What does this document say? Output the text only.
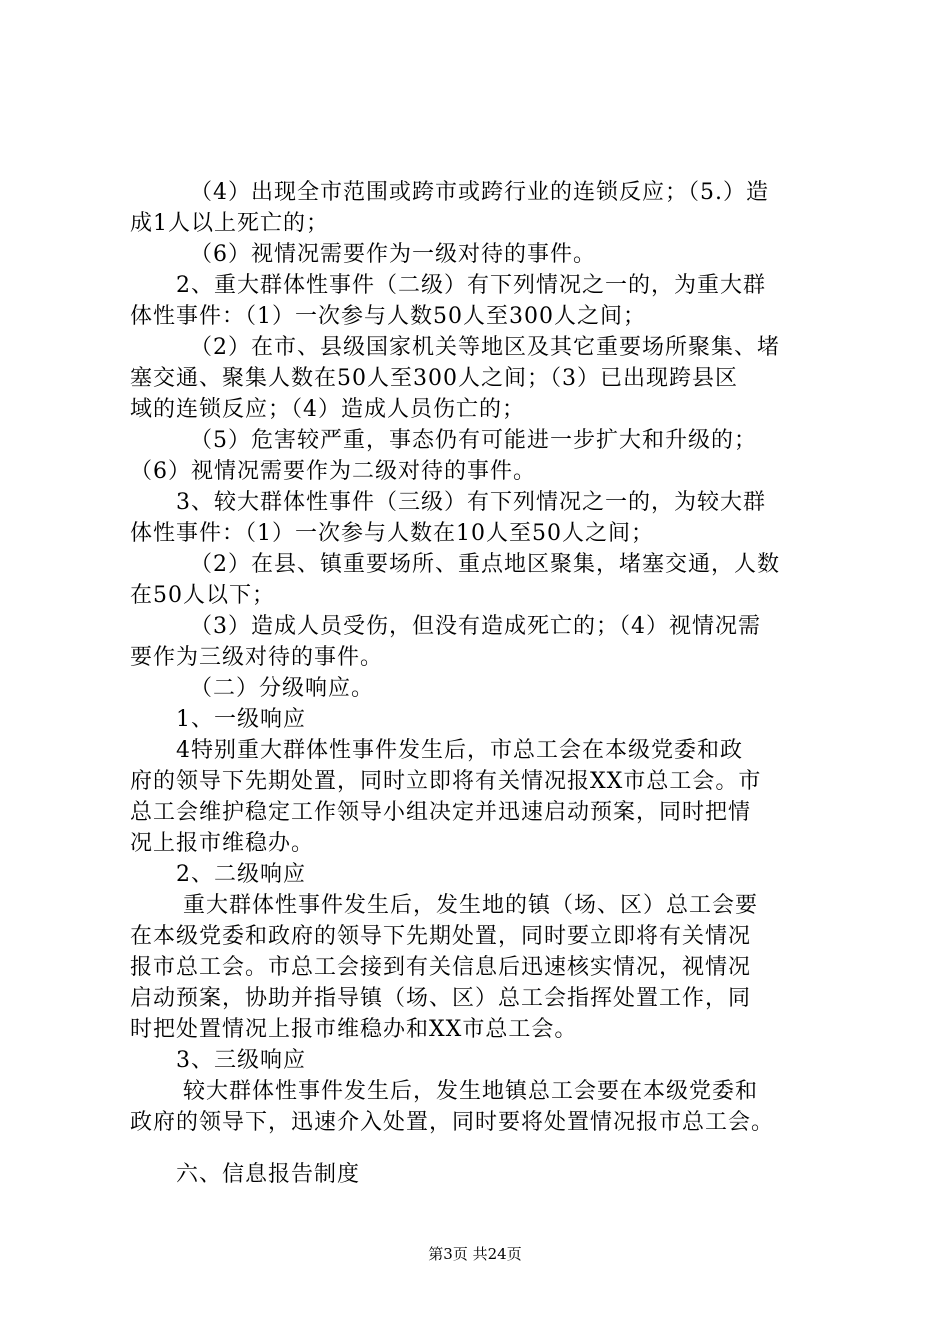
（4）出现全市范围或跨市或跨行业的连锁反应；（5.）造
成1人以上死亡的；
（6）视情况需要作为一级对待的事件。
2、重大群体性事件（二级）有下列情况之一的，为重大群
体性事件：（1）一次参与人数50人至300人之间；
（2）在市、县级国家机关等地区及其它重要场所聚集、堵
塞交通、聚集人数在50人至300人之间；（3）已出现跨县区
域的连锁反应；（4）造成人员伤亡的；
（5）危害较严重，事态仍有可能进一步扩大和升级的；
（6）视情况需要作为二级对待的事件。
3、较大群体性事件（三级）有下列情况之一的，为较大群
体性事件：（1）一次参与人数在10人至50人之间；
（2）在县、镇重要场所、重点地区聚集，堵塞交通，人数
在50人以下；
（3）造成人员受伤，但没有造成死亡的；（4）视情况需
要作为三级对待的事件。
（二）分级响应。
1、一级响应
4特别重大群体性事件发生后，市总工会在本级党委和政
府的领导下先期处置，同时立即将有关情况报XX市总工会。市
总工会维护稳定工作领导小组决定并迅速启动预案，同时把情
况上报市维稳办。
2、二级响应
重大群体性事件发生后，发生地的镇（场、区）总工会要
在本级党委和政府的领导下先期处置，同时要立即将有关情况
报市总工会。市总工会接到有关信息后迅速核实情况，视情况
启动预案，协助并指导镇（场、区）总工会指挥处置工作，同
时把处置情况上报市维稳办和XX市总工会。
3、三级响应
较大群体性事件发生后，发生地镇总工会要在本级党委和
政府的领导下，迅速介入处置，同时要将处置情况报市总工会。
六、信息报告制度
第3页 共24页
